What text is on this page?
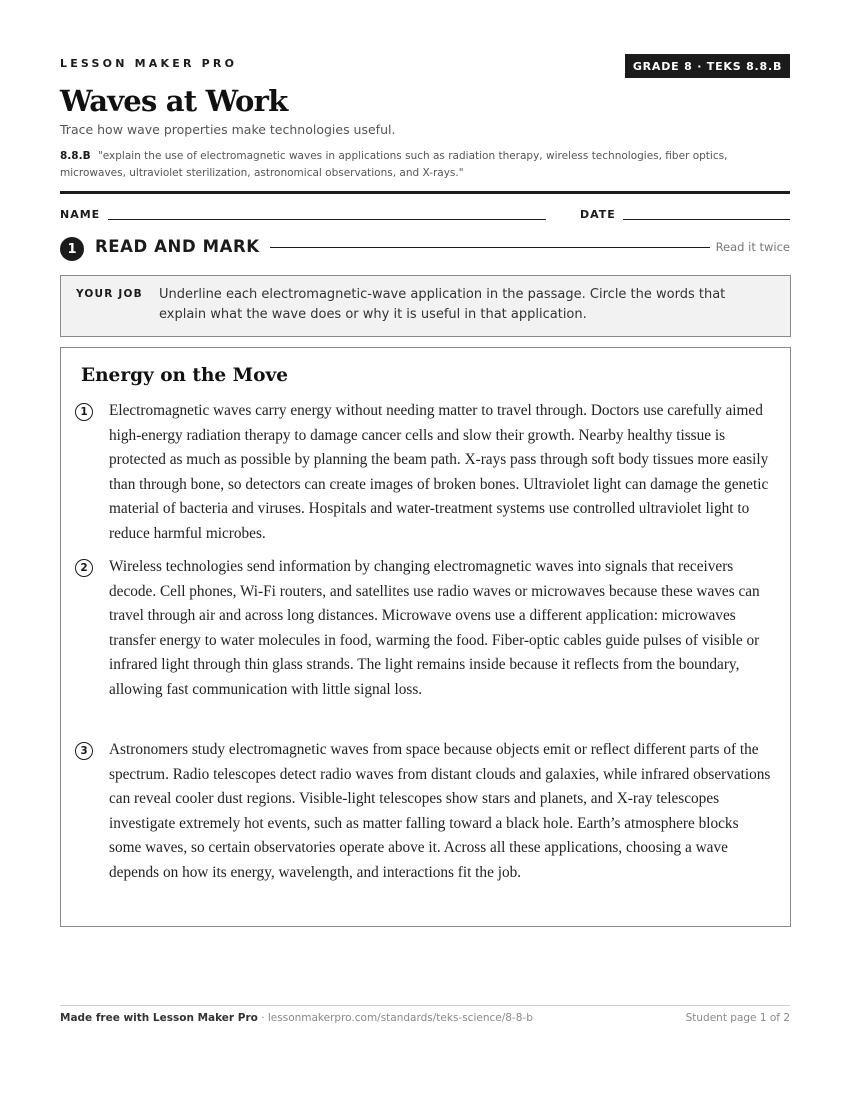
LESSON MAKER PRO	GRADE 8 · TEKS 8.8.B
Waves at Work
Trace how wave properties make technologies useful.
8.8.B "explain the use of electromagnetic waves in applications such as radiation therapy, wireless technologies, fiber optics, microwaves, ultraviolet sterilization, astronomical observations, and X-rays."
NAME	DATE
1	READ AND MARK	Read it twice
YOUR JOB Underline each electromagnetic-wave application in the passage. Circle the words that explain what the wave does or why it is useful in that application.
Energy on the Move
1	Electromagnetic waves carry energy without needing matter to travel through. Doctors use carefully aimed high-energy radiation therapy to damage cancer cells and slow their growth. Nearby healthy tissue is protected as much as possible by planning the beam path. X-rays pass through soft body tissues more easily than through bone, so detectors can create images of broken bones. Ultraviolet light can damage the genetic material of bacteria and viruses. Hospitals and water-treatment systems use controlled ultraviolet light to reduce harmful microbes.

2	Wireless technologies send information by changing electromagnetic waves into signals that receivers decode. Cell phones, Wi-Fi routers, and satellites use radio waves or microwaves because these waves can travel through air and across long distances. Microwave ovens use a different application: microwaves transfer energy to water molecules in food, warming the food. Fiber-optic cables guide pulses of visible or infrared light through thin glass strands. The light remains inside because it reflects from the boundary, allowing fast communication with little signal loss.

3	Astronomers study electromagnetic waves from space because objects emit or reflect different parts of the spectrum. Radio telescopes detect radio waves from distant clouds and galaxies, while infrared observations can reveal cooler dust regions. Visible-light telescopes show stars and planets, and X-ray telescopes investigate extremely hot events, such as matter falling toward a black hole. Earth’s atmosphere blocks some waves, so certain observatories operate above it. Across all these applications, choosing a wave depends on how its energy, wavelength, and interactions fit the job.

Made free with Lesson Maker Pro · lessonmakerpro.com/standards/teks-science/8-8-b	Student page 1 of 2
